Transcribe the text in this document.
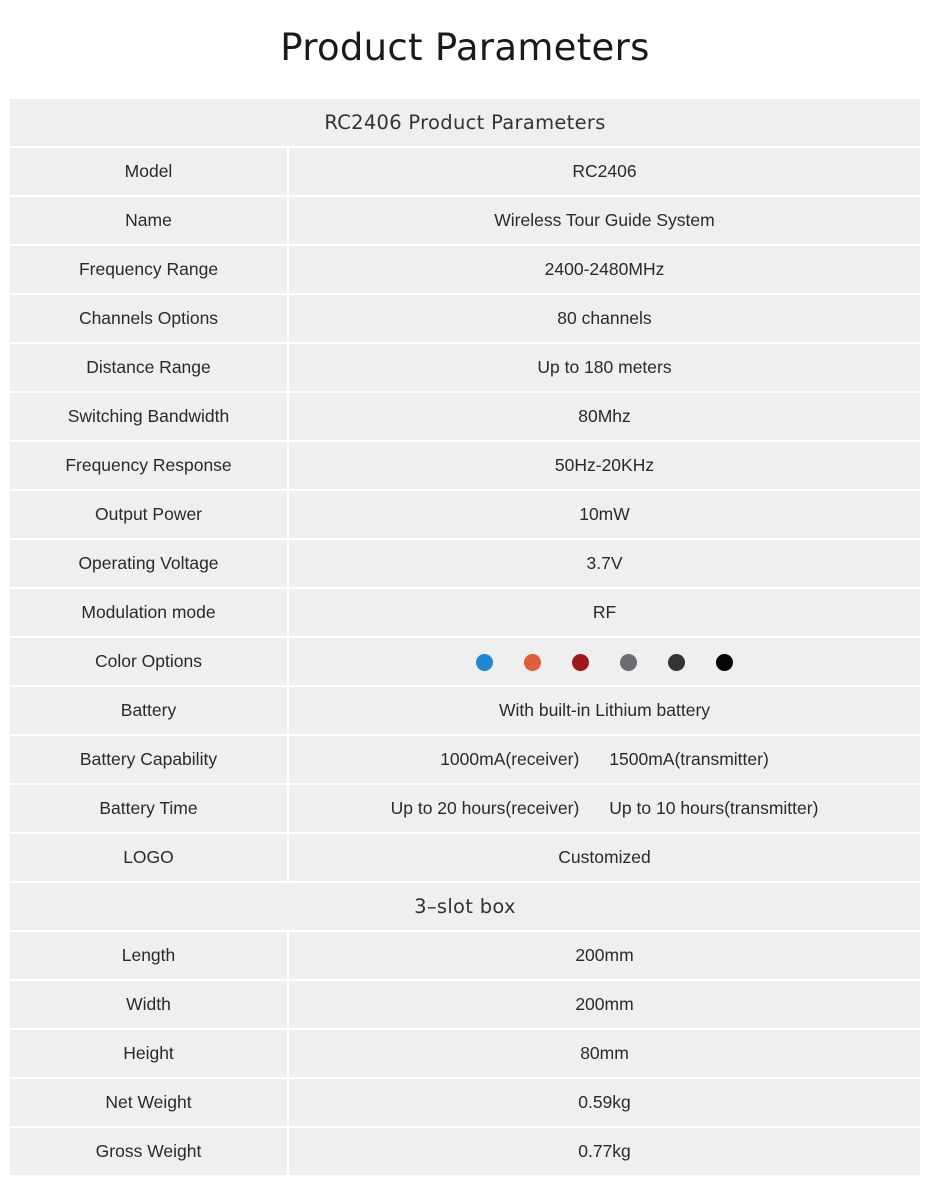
Product Parameters
RC2406 Product Parameters	
Model	RC2406
Name	Wireless Tour Guide System
Frequency Range	2400-2480MHz
Channels Options	80 channels
Distance Range	Up to 180 meters
Switching Bandwidth	80Mhz
Frequency Response	50Hz-20KHz
Output Power	10mW
Operating Voltage	3.7V
Modulation mode	RF
Color Options	

Battery	With built-in Lithium battery
Battery Capability	1000mA(receiver) 1500mA(transmitter)
Battery Time	Up to 20 hours(receiver) Up to 10 hours(transmitter)
LOGO	Customized
3–slot box	
Length	200mm
Width	200mm
Height	80mm
Net Weight	0.59kg
Gross Weight	0.77kg
